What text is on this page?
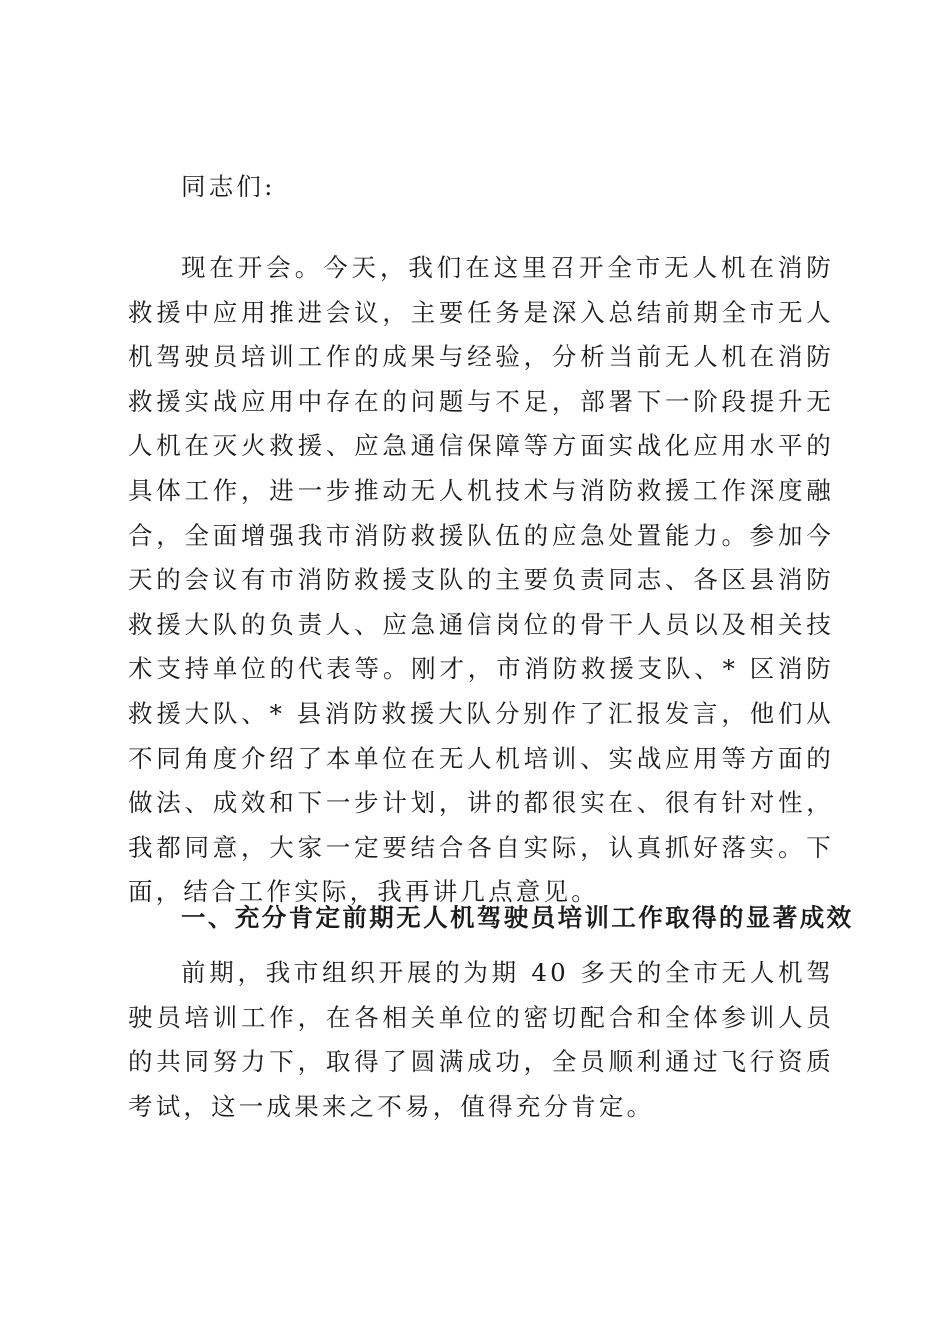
同志们:

现在开会。今天，我们在这里召开全市无人机在消防救援中应用推进会议，主要任务是深入总结前期全市无人机驾驶员培训工作的成果与经验，分析当前无人机在消防救援实战应用中存在的问题与不足，部署下一阶段提升无人机在灭火救援、应急通信保障等方面实战化应用水平的具体工作，进一步推动无人机技术与消防救援工作深度融合，全面增强我市消防救援队伍的应急处置能力。参加今天的会议有市消防救援支队的主要负责同志、各区县消防救援大队的负责人、应急通信岗位的骨干人员以及相关技术支持单位的代表等。刚才，市消防救援支队、* 区消防救援大队、* 县消防救援大队分别作了汇报发言，他们从不同角度介绍了本单位在无人机培训、实战应用等方面的做法、成效和下一步计划，讲的都很实在、很有针对性，我都同意，大家一定要结合各自实际，认真抓好落实。下面，结合工作实际，我再讲几点意见。

一、充分肯定前期无人机驾驶员培训工作取得的显著成效

前期，我市组织开展的为期 40 多天的全市无人机驾驶员培训工作，在各相关单位的密切配合和全体参训人员的共同努力下，取得了圆满成功，全员顺利通过飞行资质考试，这一成果来之不易，值得充分肯定。
